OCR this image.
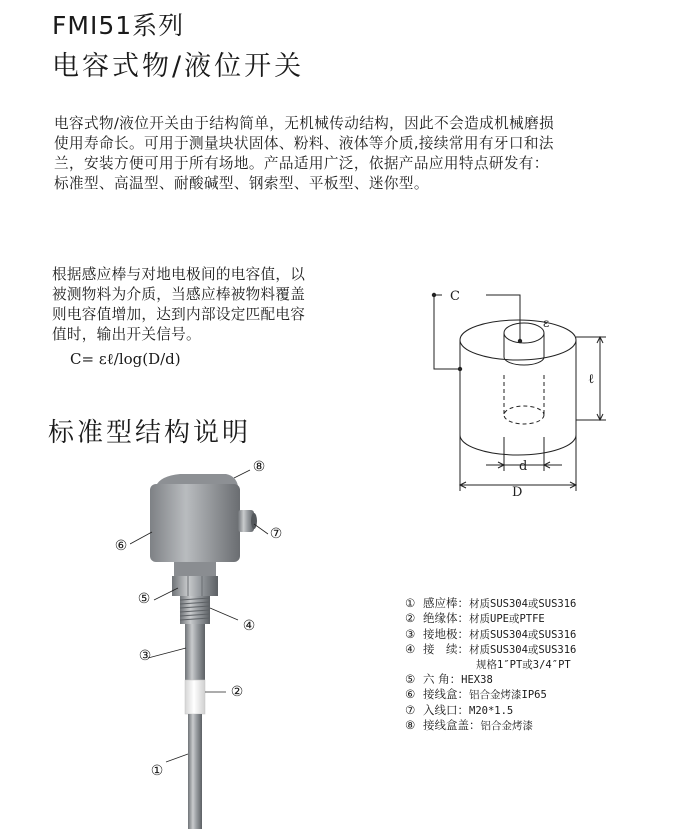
FMI51系列
电容式物/液位开关
电容式物/液位开关由于结构简单，无机械传动结构，因此不会造成机械磨损
使用寿命长。可用于测量块状固体、粉料、液体等介质,接续常用有牙口和法
兰，安装方便可用于所有场地。产品适用广泛，依据产品应用特点研发有：
标准型、高温型、耐酸碱型、钢索型、平板型、迷你型。
根据感应棒与对地电极间的电容值，以
被测物料为介质，当感应棒被物料覆盖
则电容值增加，达到内部设定匹配电容
值时，输出开关信号。
C= εℓ/log(D/d)
C
ε
ℓ
d
D
标准型结构说明
⑧
⑦
⑥
⑤
④
③
②
①
① 感应棒：材质SUS304或SUS316
② 绝缘体：材质UPE或PTFE
③ 接地极：材质SUS304或SUS316
④ 接　续：材质SUS304或SUS316
规格1″PT或3/4″PT
⑤ 六 角：HEX38
⑥ 接线盒：铝合金烤漆IP65
⑦ 入线口：M20*1.5
⑧ 接线盒盖：铝合金烤漆
